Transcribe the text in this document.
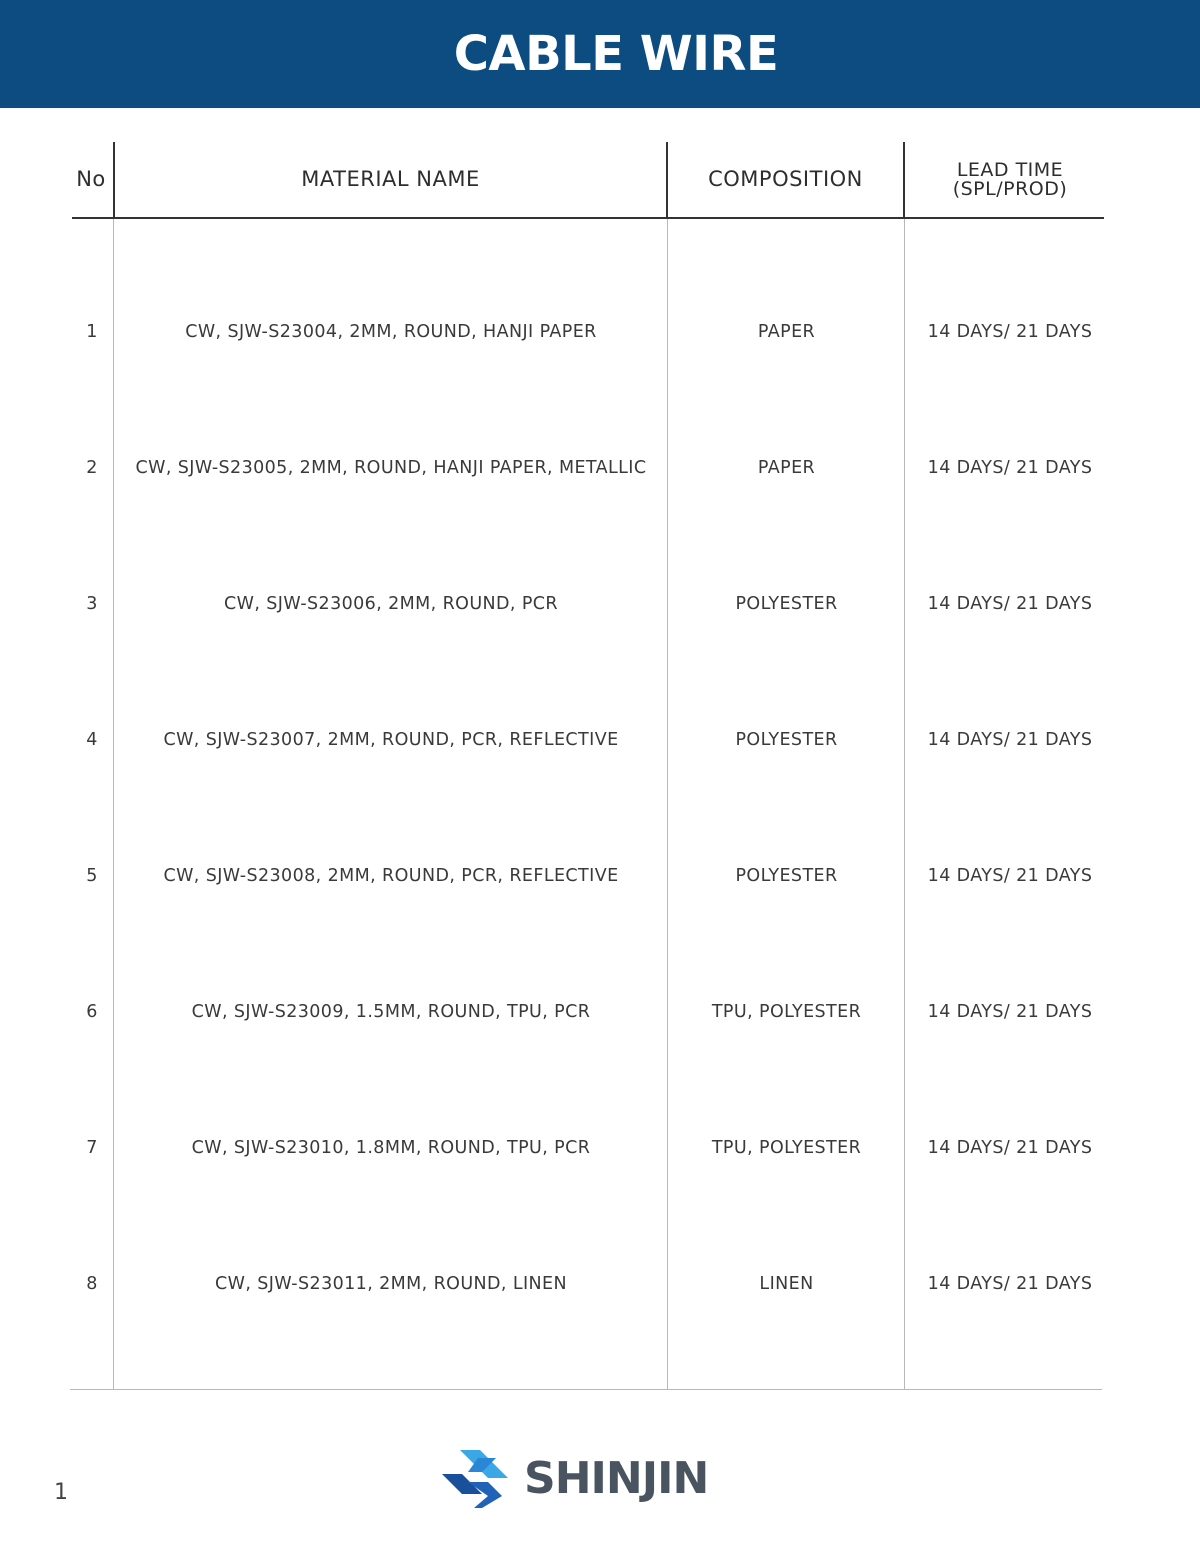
CABLE WIRE
No	MATERIAL NAME	COMPOSITION	LEAD TIME
(SPL/PROD)
1	CW, SJW-S23004, 2MM, ROUND, HANJI PAPER	PAPER	14 DAYS/ 21 DAYS
2	CW, SJW-S23005, 2MM, ROUND, HANJI PAPER, METALLIC	PAPER	14 DAYS/ 21 DAYS
3	CW, SJW-S23006, 2MM, ROUND, PCR	POLYESTER	14 DAYS/ 21 DAYS
4	CW, SJW-S23007, 2MM, ROUND, PCR, REFLECTIVE	POLYESTER	14 DAYS/ 21 DAYS
5	CW, SJW-S23008, 2MM, ROUND, PCR, REFLECTIVE	POLYESTER	14 DAYS/ 21 DAYS
6	CW, SJW-S23009, 1.5MM, ROUND, TPU, PCR	TPU, POLYESTER	14 DAYS/ 21 DAYS
7	CW, SJW-S23010, 1.8MM, ROUND, TPU, PCR	TPU, POLYESTER	14 DAYS/ 21 DAYS
8	CW, SJW-S23011, 2MM, ROUND, LINEN	LINEN	14 DAYS/ 21 DAYS
1	SHINJIN
